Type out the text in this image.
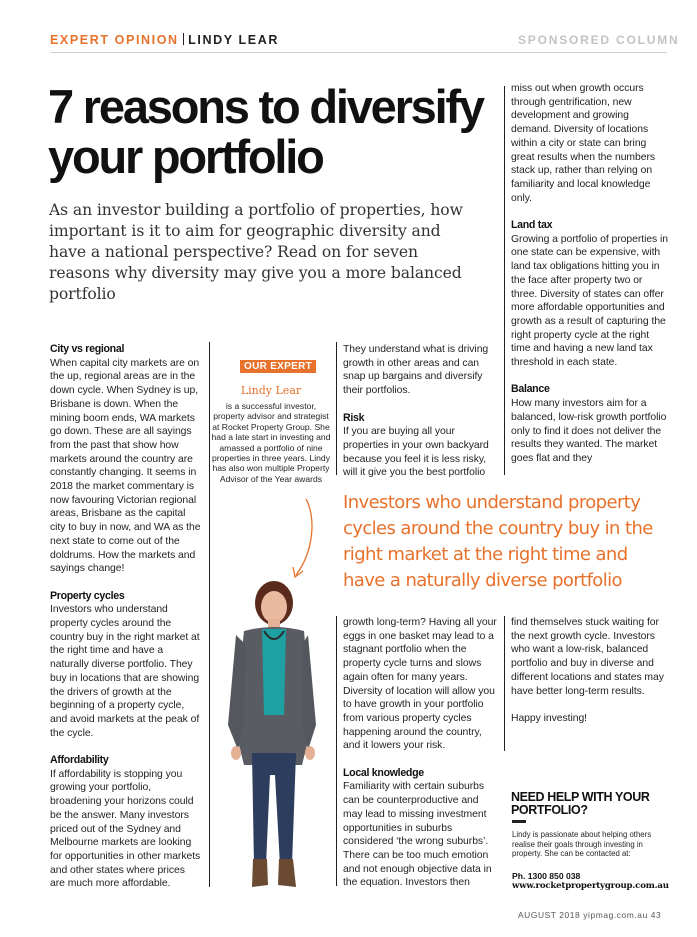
EXPERT OPINION LINDY LEAR	SPONSORED COLUMN
7 reasons to diversify your portfolio
As an investor building a portfolio of properties, how important is it to aim for geographic diversity and have a national perspective? Read on for seven reasons why diversity may give you a more balanced portfolio
City vs regional

When capital city markets are on the up, regional areas are in the down cycle. When Sydney is up, Brisbane is down. When the mining boom ends, WA markets go down. These are all sayings from the past that show how markets around the country are constantly changing. It seems in 2018 the market commentary is now favouring Victorian regional areas, Brisbane as the capital city to buy in now, and WA as the next state to come out of the doldrums. How the markets and sayings change!

Property cycles

Investors who understand property cycles around the country buy in the right market at the right time and have a naturally diverse portfolio. They buy in locations that are showing the drivers of growth at the beginning of a property cycle, and avoid markets at the peak of the cycle.

Affordability

If affordability is stopping you growing your portfolio, broadening your horizons could be the answer. Many investors priced out of the Sydney and Melbourne markets are looking for opportunities in other markets and other states where prices are much more affordable.

OUR EXPERT
Lindy Lear
is a successful investor, property advisor and strategist at Rocket Property Group. She had a late start in investing and amassed a portfolio of nine properties in three years. Lindy has also won multiple Property Advisor of the Year awards

They understand what is driving growth in other areas and can snap up bargains and diversify their portfolios.

Risk

If you are buying all your properties in your own backyard because you feel it is less risky, will it give you the best portfolio

miss out when growth occurs through gentrification, new development and growing demand. Diversity of locations within a city or state can bring great results when the numbers stack up, rather than relying on familiarity and local knowledge only.

Land tax

Growing a portfolio of properties in one state can be expensive, with land tax obligations hitting you in the face after property two or three. Diversity of states can offer more affordable opportunities and growth as a result of capturing the right property cycle at the right time and having a new land tax threshold in each state.

Balance

How many investors aim for a balanced, low-risk growth portfolio only to find it does not deliver the results they wanted. The market goes flat and they

Investors who understand property cycles around the country buy in the right market at the right time and have a naturally diverse portfolio

growth long-term? Having all your eggs in one basket may lead to a stagnant portfolio when the property cycle turns and slows again often for many years. Diversity of location will allow you to have growth in your portfolio from various property cycles happening around the country, and it lowers your risk.

Local knowledge

Familiarity with certain suburbs can be counterproductive and may lead to missing investment opportunities in suburbs considered ‘the wrong suburbs’. There can be too much emotion and not enough objective data in the equation. Investors then

find themselves stuck waiting for the next growth cycle. Investors who want a low-risk, balanced portfolio and buy in diverse and different locations and states may have better long-term results.

Happy investing!

NEED HELP WITH YOUR PORTFOLIO?
Lindy is passionate about helping others realise their goals through investing in property. She can be contacted at:
Ph. 1300 850 038
www.rocketpropertygroup.com.au
AUGUST 2018 yipmag.com.au 43
